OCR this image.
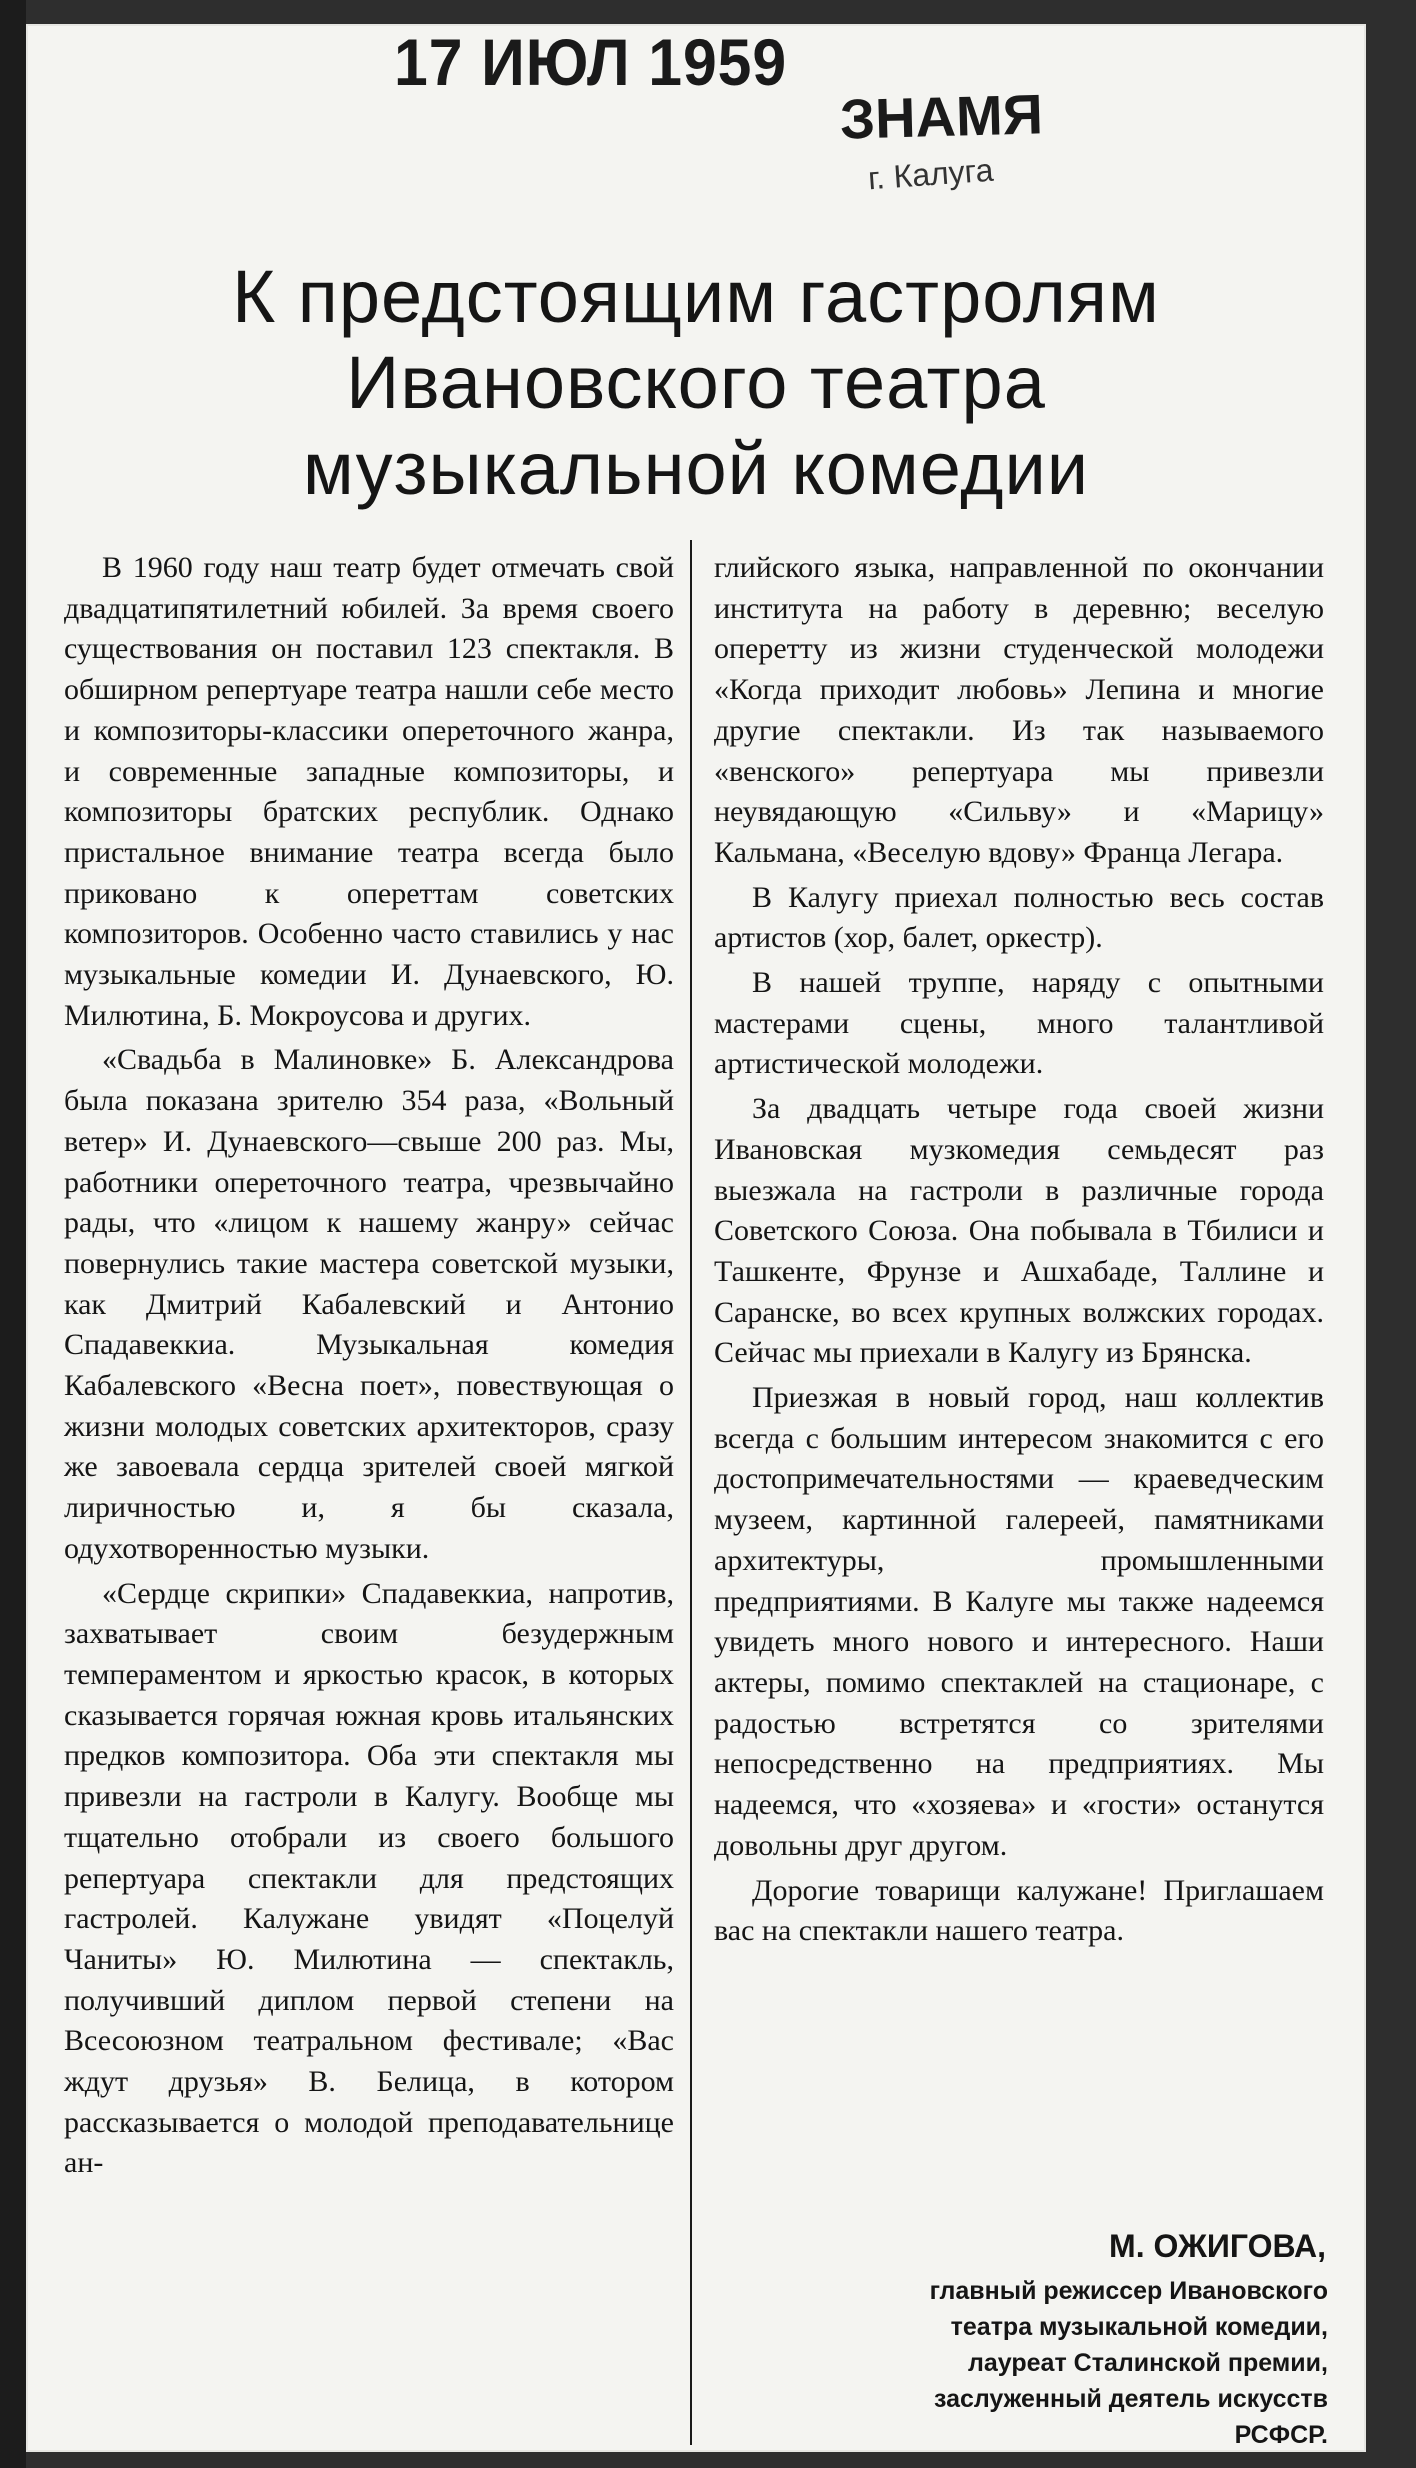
17 ИЮЛ 1959
ЗНАМЯ
г. Калуга
К предстоящим гастролям
Ивановского театра
музыкальной комедии

В 1960 году наш театр будет отмечать свой двадцатипятилетний юбилей. За время своего существования он поставил 123 спектакля. В обширном репертуаре театра нашли себе место и композиторы-классики опереточного жанра, и современные западные композиторы, и композиторы братских республик. Однако пристальное внимание театра всегда было приковано к опереттам советских композиторов. Особенно часто ставились у нас музыкальные комедии И. Дунаевского, Ю. Милютина, Б. Мокроусова и других.

«Свадьба в Малиновке» Б. Александрова была показана зрителю 354 раза, «Вольный ветер» И. Дунаевского—свыше 200 раз. Мы, работники опереточного театра, чрезвычайно рады, что «лицом к нашему жанру» сейчас повернулись такие мастера советской музыки, как Дмитрий Кабалевский и Антонио Спадавеккиа. Музыкальная комедия Кабалевского «Весна поет», повествующая о жизни молодых советских архитекторов, сразу же завоевала сердца зрителей своей мягкой лиричностью и, я бы сказала, одухотворенностью музыки.

«Сердце скрипки» Спадавеккиа, напротив, захватывает своим безудержным темпераментом и яркостью красок, в которых сказывается горячая южная кровь итальянских предков композитора. Оба эти спектакля мы привезли на гастроли в Калугу. Вообще мы тщательно отобрали из своего большого репертуара спектакли для предстоящих гастролей. Калужане увидят «Поцелуй Чаниты» Ю. Милютина — спектакль, получивший диплом первой степени на Всесоюзном театральном фестивале; «Вас ждут друзья» В. Белица, в котором рассказывается о молодой преподавательнице ан-

глийского языка, направленной по окончании института на работу в деревню; веселую оперетту из жизни студенческой молодежи «Когда приходит любовь» Лепина и многие другие спектакли. Из так называемого «венского» репертуара мы привезли неувядающую «Сильву» и «Марицу» Кальмана, «Веселую вдову» Франца Легара.

В Калугу приехал полностью весь состав артистов (хор, балет, оркестр).

В нашей труппе, наряду с опытными мастерами сцены, много талантливой артистической молодежи.

За двадцать четыре года своей жизни Ивановская музкомедия семьдесят раз выезжала на гастроли в различные города Советского Союза. Она побывала в Тбилиси и Ташкенте, Фрунзе и Ашхабаде, Таллине и Саранске, во всех крупных волжских городах. Сейчас мы приехали в Калугу из Брянска.

Приезжая в новый город, наш коллектив всегда с большим интересом знакомится с его достопримечательностями — краеведческим музеем, картинной галереей, памятниками архитектуры, промышленными предприятиями. В Калуге мы также надеемся увидеть много нового и интересного. Наши актеры, помимо спектаклей на стационаре, с радостью встретятся со зрителями непосредственно на предприятиях. Мы надеемся, что «хозяева» и «гости» останутся довольны друг другом.

Дорогие товарищи калужане! Приглашаем вас на спектакли нашего театра.

М. ОЖИГОВА,
главный режиссер Ивановского
театра музыкальной комедии,
лауреат Сталинской премии,
заслуженный деятель искусств
РСФСР.
